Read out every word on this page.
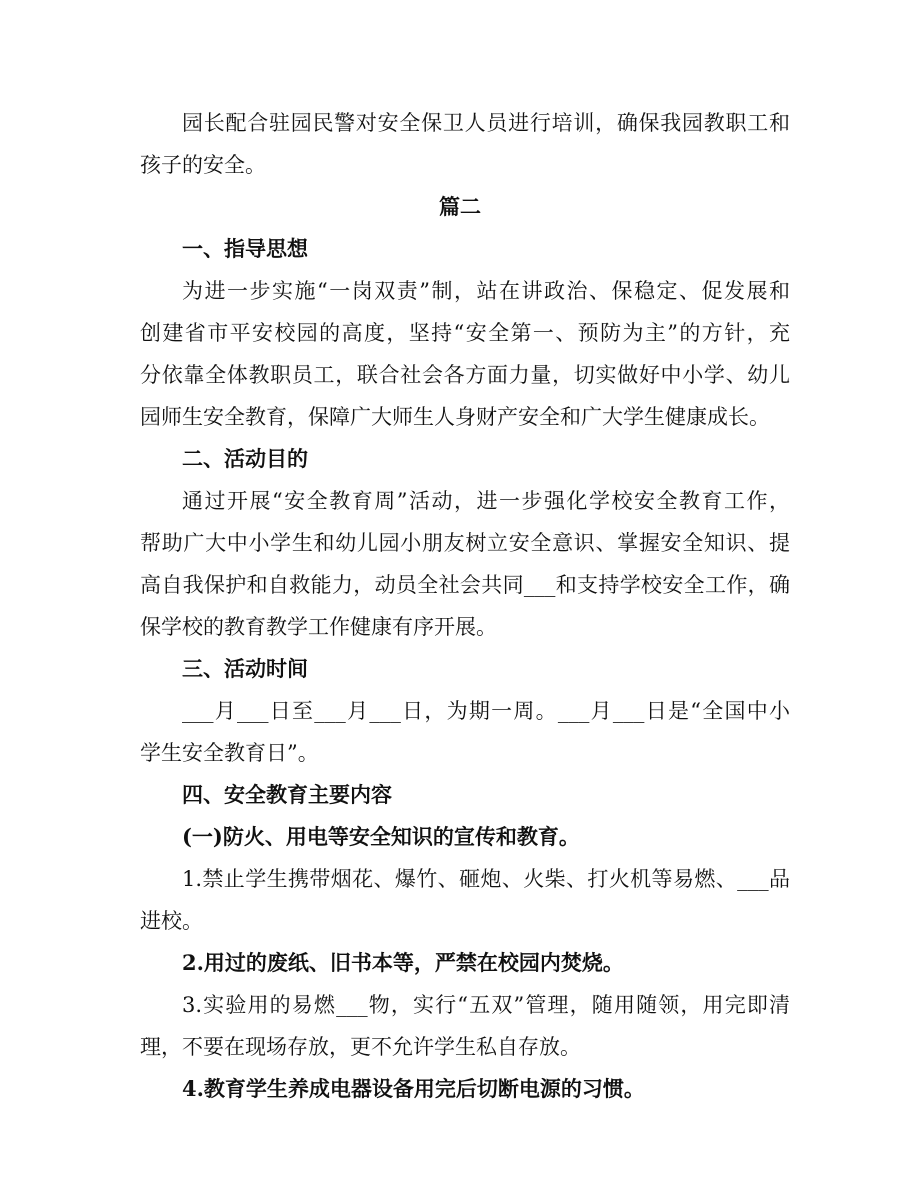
园长配合驻园民警对安全保卫人员进行培训，确保我园教职工和
孩子的安全。
篇二
一、指导思想
为进一步实施“一岗双责”制，站在讲政治、保稳定、促发展和
创建省市平安校园的高度，坚持“安全第一、预防为主”的方针，充
分依靠全体教职员工，联合社会各方面力量，切实做好中小学、幼儿
园师生安全教育，保障广大师生人身财产安全和广大学生健康成长。
二、活动目的
通过开展“安全教育周”活动，进一步强化学校安全教育工作，
帮助广大中小学生和幼儿园小朋友树立安全意识、掌握安全知识、提
高自我保护和自救能力，动员全社会共同___和支持学校安全工作，确
保学校的教育教学工作健康有序开展。
三、活动时间
___月___日至___月___日，为期一周。___月___日是“全国中小
学生安全教育日”。
四、安全教育主要内容
(一)防火、用电等安全知识的宣传和教育。
1.禁止学生携带烟花、爆竹、砸炮、火柴、打火机等易燃、___品
进校。
2.用过的废纸、旧书本等，严禁在校园内焚烧。
3.实验用的易燃___物，实行“五双”管理，随用随领，用完即清
理，不要在现场存放，更不允许学生私自存放。
4.教育学生养成电器设备用完后切断电源的习惯。
